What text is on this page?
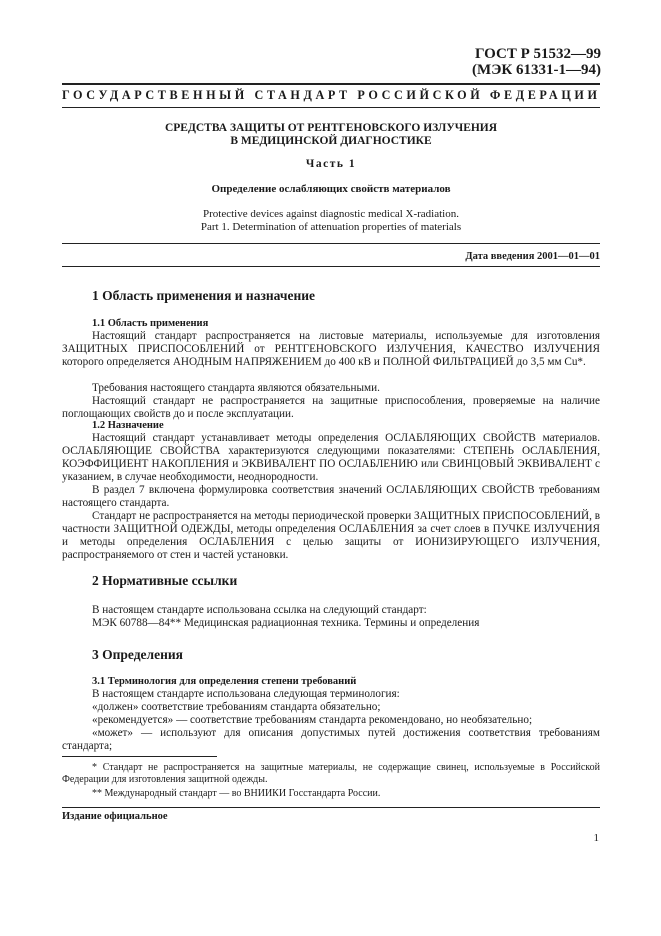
ГОСТ Р 51532—99
(МЭК 61331-1—94)
ГОСУДАРСТВЕННЫЙ СТАНДАРТ РОССИЙСКОЙ ФЕДЕРАЦИИ
СРЕДСТВА ЗАЩИТЫ ОТ РЕНТГЕНОВСКОГО ИЗЛУЧЕНИЯ
В МЕДИЦИНСКОЙ ДИАГНОСТИКЕ
Часть 1
Определение ослабляющих свойств материалов
Protective devices against diagnostic medical X-radiation.
Part 1. Determination of attenuation properties of materials
Дата введения 2001—01—01
1 Область применения и назначение
1.1 Область применения

Настоящий стандарт распространяется на листовые материалы, используемые для изготовления ЗАЩИТНЫХ ПРИСПОСОБЛЕНИЙ от РЕНТГЕНОВСКОГО ИЗЛУЧЕНИЯ, КАЧЕСТВО ИЗЛУЧЕНИЯ которого определяется АНОДНЫМ НАПРЯЖЕНИЕМ до 400 кВ и ПОЛНОЙ ФИЛЬТРАЦИЕЙ до 3,5 мм Cu*.

Требования настоящего стандарта являются обязательными.

Настоящий стандарт не распространяется на защитные приспособления, проверяемые на наличие поглощающих свойств до и после эксплуатации.

1.2 Назначение

Настоящий стандарт устанавливает методы определения ОСЛАБЛЯЮЩИХ СВОЙСТВ материалов. ОСЛАБЛЯЮЩИЕ СВОЙСТВА характеризуются следующими показателями: СТЕПЕНЬ ОСЛАБЛЕНИЯ, КОЭФФИЦИЕНТ НАКОПЛЕНИЯ и ЭКВИВАЛЕНТ ПО ОСЛАБЛЕНИЮ или СВИНЦОВЫЙ ЭКВИВАЛЕНТ с указанием, в случае необходимости, неоднородности.

В раздел 7 включена формулировка соответствия значений ОСЛАБЛЯЮЩИХ СВОЙСТВ требованиям настоящего стандарта.

Стандарт не распространяется на методы периодической проверки ЗАЩИТНЫХ ПРИСПОСОБЛЕНИЙ, в частности ЗАЩИТНОЙ ОДЕЖДЫ, методы определения ОСЛАБЛЕНИЯ за счет слоев в ПУЧКЕ ИЗЛУЧЕНИЯ и методы определения ОСЛАБЛЕНИЯ с целью защиты от ИОНИЗИРУЮЩЕГО ИЗЛУЧЕНИЯ, распространяемого от стен и частей установки.

2 Нормативные ссылки

В настоящем стандарте использована ссылка на следующий стандарт:

МЭК 60788—84** Медицинская радиационная техника. Термины и определения

3 Определения
3.1 Терминология для определения степени требований

В настоящем стандарте использована следующая терминология:

«должен» соответствие требованиям стандарта обязательно;

«рекомендуется» — соответствие требованиям стандарта рекомендовано, но необязательно;

«может» — используют для описания допустимых путей достижения соответствия требованиям стандарта;

* Стандарт не распространяется на защитные материалы, не содержащие свинец, используемые в Российской Федерации для изготовления защитной одежды.

** Международный стандарт — во ВНИИКИ Госстандарта России.

Издание официальное
1
